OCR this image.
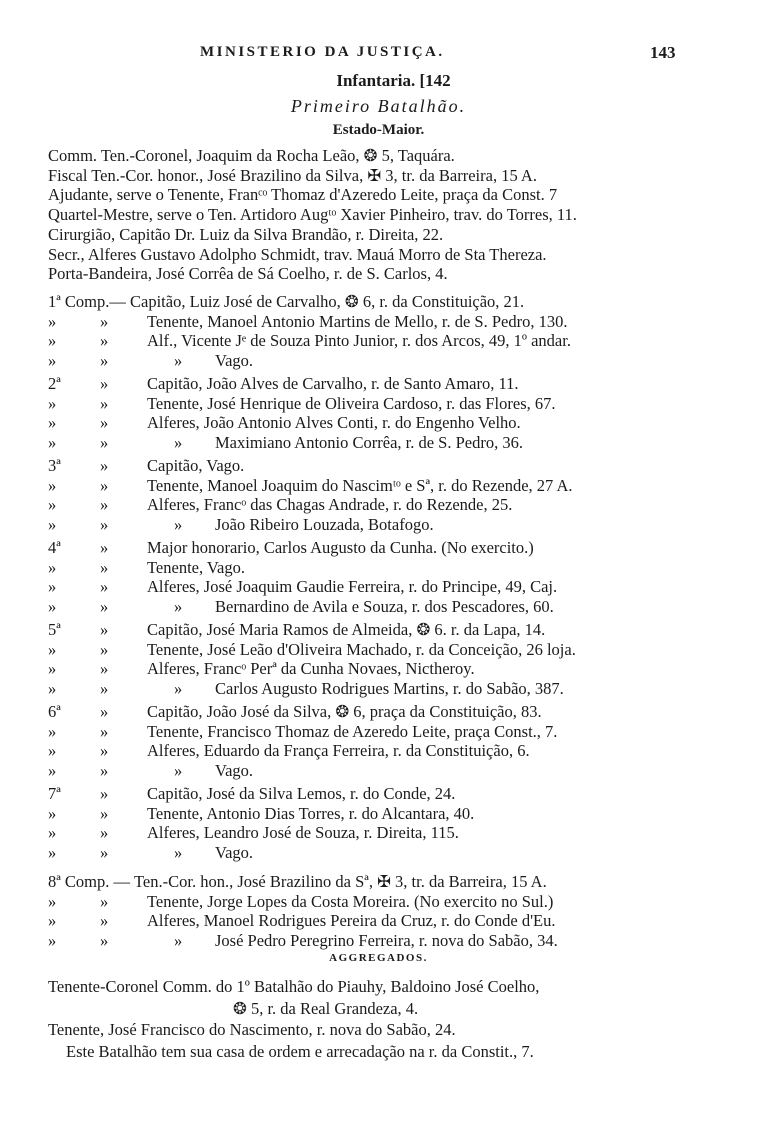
MINISTERIO DA JUSTIÇA.	143
Infantaria. [142
Primeiro Batalhão.
Estado-Maior.
Comm. Ten.-Coronel, Joaquim da Rocha Leão, ❂ 5, Taquára.
Fiscal Ten.-Cor. honor., José Brazilino da Silva, ✠ 3, tr. da Barreira, 15 A.
Ajudante, serve o Tenente, Franᶜᵒ Thomaz d'Azeredo Leite, praça da Const. 7
Quartel-Mestre, serve o Ten. Artidoro Augᵗᵒ Xavier Pinheiro, trav. do Torres, 11.
Cirurgião, Capitão Dr. Luiz da Silva Brandão, r. Direita, 22.
Secr., Alferes Gustavo Adolpho Schmidt, trav. Mauá Morro de Sta Thereza.
Porta-Bandeira, José Corrêa de Sá Coelho, r. de S. Carlos, 4.
1ª Comp.— Capitão, Luiz José de Carvalho, ❂ 6, r. da Constituição, 21.
»	» Tenente, Manoel Antonio Martins de Mello, r. de S. Pedro, 130.
»	» Alf., Vicente Jᵉ de Souza Pinto Junior, r. dos Arcos, 49, 1º andar.
»	»	» Vago.
2ª » Capitão, João Alves de Carvalho, r. de Santo Amaro, 11.
»	» Tenente, José Henrique de Oliveira Cardoso, r. das Flores, 67.
»	» Alferes, João Antonio Alves Conti, r. do Engenho Velho.
»	»	» Maximiano Antonio Corrêa, r. de S. Pedro, 36.
3ª » Capitão, Vago.
»	» Tenente, Manoel Joaquim do Nascimᵗᵒ e Sª, r. do Rezende, 27 A.
»	» Alferes, Francᵒ das Chagas Andrade, r. do Rezende, 25.
»	»	» João Ribeiro Louzada, Botafogo.
4ª » Major honorario, Carlos Augusto da Cunha. (No exercito.)
»	» Tenente, Vago.
»	» Alferes, José Joaquim Gaudie Ferreira, r. do Principe, 49, Caj.
»	»	» Bernardino de Avila e Souza, r. dos Pescadores, 60.
5ª » Capitão, José Maria Ramos de Almeida, ❂ 6. r. da Lapa, 14.
»	» Tenente, José Leão d'Oliveira Machado, r. da Conceição, 26 loja.
»	» Alferes, Francᵒ Perª da Cunha Novaes, Nictheroy.
»	»	» Carlos Augusto Rodrigues Martins, r. do Sabão, 387.
6ª » Capitão, João José da Silva, ❂ 6, praça da Constituição, 83.
»	» Tenente, Francisco Thomaz de Azeredo Leite, praça Const., 7.
»	» Alferes, Eduardo da França Ferreira, r. da Constituição, 6.
»	»	» Vago.
7ª » Capitão, José da Silva Lemos, r. do Conde, 24.
»	» Tenente, Antonio Dias Torres, r. do Alcantara, 40.
»	» Alferes, Leandro José de Souza, r. Direita, 115.
»	»	» Vago.
8ª Comp. — Ten.-Cor. hon., José Brazilino da Sª, ✠ 3, tr. da Barreira, 15 A.
»	» Tenente, Jorge Lopes da Costa Moreira. (No exercito no Sul.)
»	» Alferes, Manoel Rodrigues Pereira da Cruz, r. do Conde d'Eu.
»	»	» José Pedro Peregrino Ferreira, r. nova do Sabão, 34.
AGGREGADOS.
Tenente-Coronel Comm. do 1º Batalhão do Piauhy, Baldoino José Coelho,
❂ 5, r. da Real Grandeza, 4.
Tenente, José Francisco do Nascimento, r. nova do Sabão, 24.
Este Batalhão tem sua casa de ordem e arrecadação na r. da Constit., 7.
